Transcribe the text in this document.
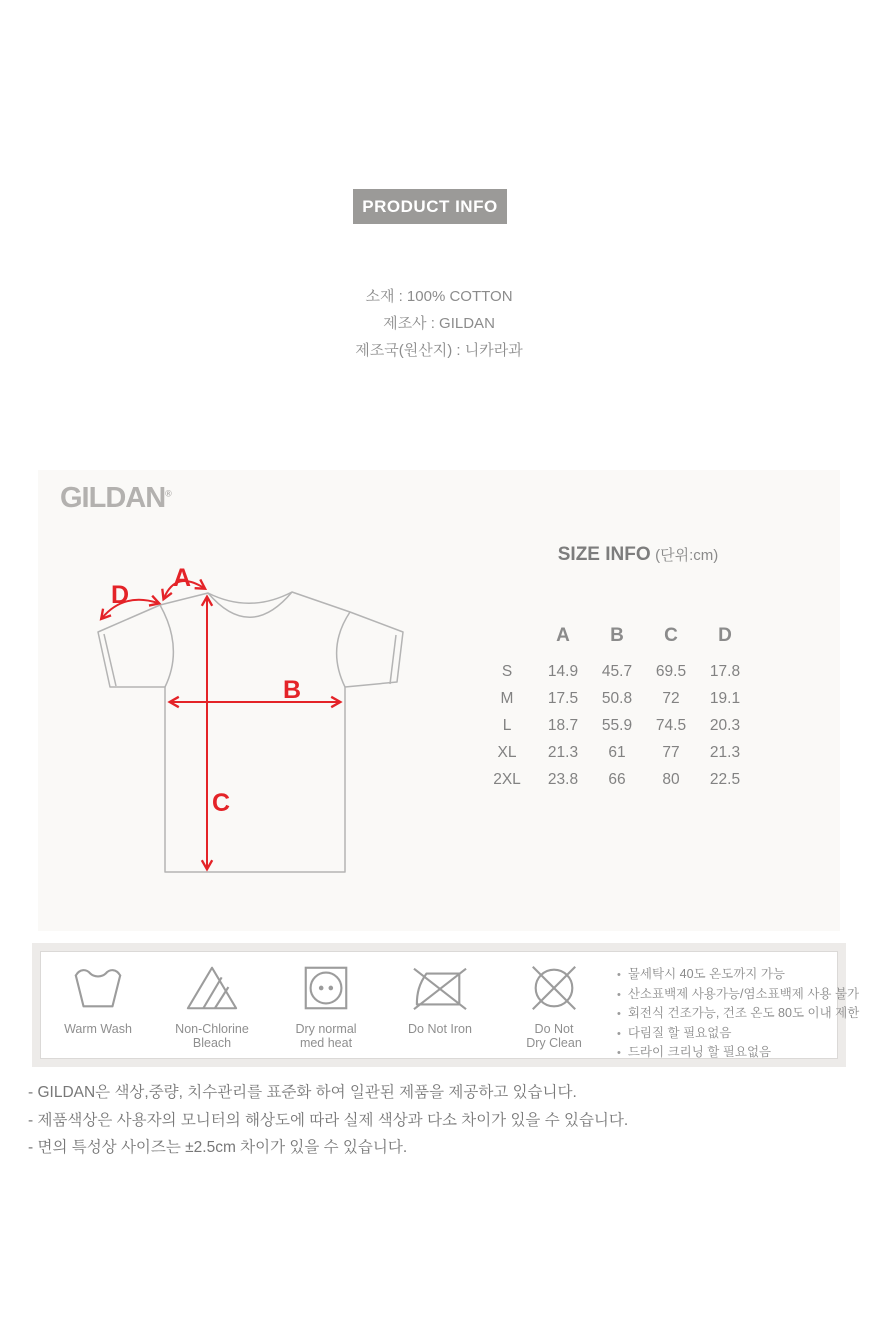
PRODUCT INFO
소재 : 100% COTTON
제조사 : GILDAN
제조국(원산지) : 니카라과
GILDAN®
A
D
B
C
SIZE INFO (단위:cm)
	A	B	C	D
S	14.9	45.7	69.5	17.8
M	17.5	50.8	72	19.1
L	18.7	55.9	74.5	20.3
XL	21.3	61	77	21.3
2XL	23.8	66	80	22.5
Warm Wash	Non-Chlorine
Bleach
Dry normal
med heat
Do Not Iron	Do Not
Dry Clean
• 물세탁시 40도 온도까지 가능
• 산소표백제 사용가능/염소표백제 사용 불가
• 회전식 건조가능, 건조 온도 80도 이내 제한
• 다림질 할 필요없음
• 드라이 크리닝 할 필요없음
- GILDAN은 색상,중량, 치수관리를 표준화 하여 일관된 제품을 제공하고 있습니다.
- 제품색상은 사용자의 모니터의 해상도에 따라 실제 색상과 다소 차이가 있을 수 있습니다.
- 면의 특성상 사이즈는 ±2.5cm 차이가 있을 수 있습니다.
